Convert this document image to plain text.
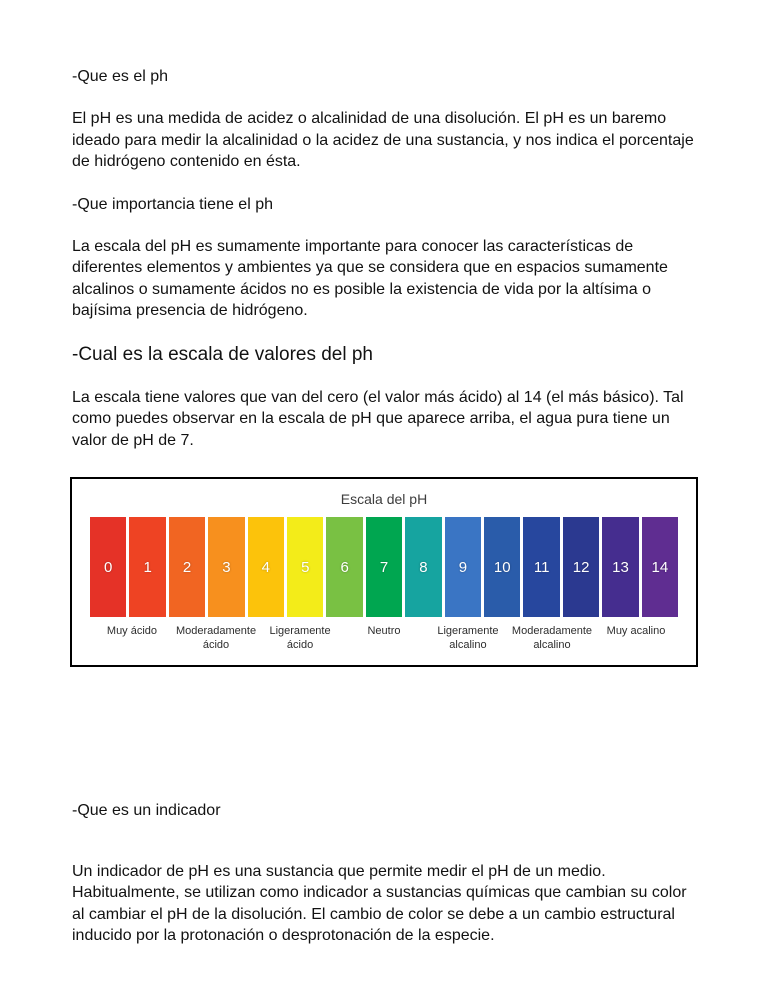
-Que es el ph

El pH es una medida de acidez o alcalinidad de una disolución. El pH es un baremo ideado para medir la alcalinidad o la acidez de una sustancia, y nos indica el porcentaje de hidrógeno contenido en ésta.

-Que importancia tiene el ph

La escala del pH es sumamente importante para conocer las características de diferentes elementos y ambientes ya que se considera que en espacios sumamente alcalinos o sumamente ácidos no es posible la existencia de vida por la altísima o bajísima presencia de hidrógeno.

-Cual es la escala de valores del ph

La escala tiene valores que van del cero (el valor más ácido) al 14 (el más básico). Tal como puedes observar en la escala de pH que aparece arriba, el agua pura tiene un valor de pH de 7.

Escala del pH
0	1	2	3	4	5	6	7	8	9	10	11	12	13	14
Muy ácido	Moderadamente ácido
Ligeramente ácido
Neutro	Ligeramente alcalino
Moderadamente alcalino
Muy acalino

-Que es un indicador

Un indicador de pH es una sustancia que permite medir el pH de un medio. Habitualmente, se utilizan como indicador a sustancias químicas que cambian su color al cambiar el pH de la disolución. El cambio de color se debe a un cambio estructural inducido por la protonación o desprotonación de la especie.
